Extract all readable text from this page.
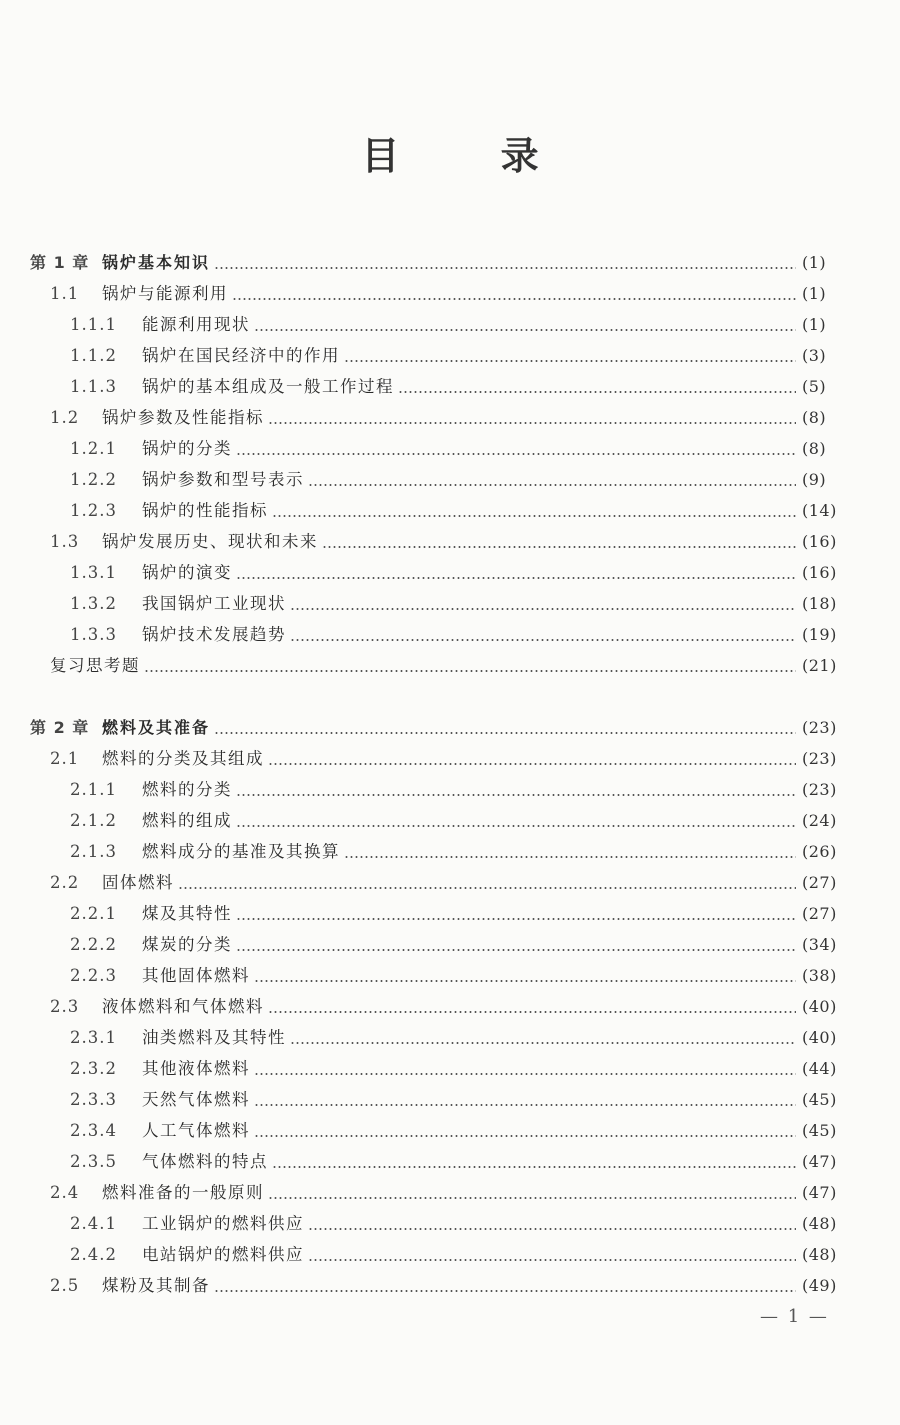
目 录
第 1 章 锅炉基本知识	(1)
1.1	锅炉与能源利用	(1)
1.1.1	能源利用现状	(1)
1.1.2	锅炉在国民经济中的作用	(3)
1.1.3	锅炉的基本组成及一般工作过程	(5)
1.2	锅炉参数及性能指标	(8)
1.2.1	锅炉的分类	(8)
1.2.2	锅炉参数和型号表示	(9)
1.2.3	锅炉的性能指标	(14)
1.3	锅炉发展历史、现状和未来	(16)
1.3.1	锅炉的演变	(16)
1.3.2	我国锅炉工业现状	(18)
1.3.3	锅炉技术发展趋势	(19)
复习思考题	(21)
第 2 章 燃料及其准备	(23)
2.1	燃料的分类及其组成	(23)
2.1.1	燃料的分类	(23)
2.1.2	燃料的组成	(24)
2.1.3	燃料成分的基准及其换算	(26)
2.2	固体燃料	(27)
2.2.1	煤及其特性	(27)
2.2.2	煤炭的分类	(34)
2.2.3	其他固体燃料	(38)
2.3	液体燃料和气体燃料	(40)
2.3.1	油类燃料及其特性	(40)
2.3.2	其他液体燃料	(44)
2.3.3	天然气体燃料	(45)
2.3.4	人工气体燃料	(45)
2.3.5	气体燃料的特点	(47)
2.4	燃料准备的一般原则	(47)
2.4.1	工业锅炉的燃料供应	(48)
2.4.2	电站锅炉的燃料供应	(48)
2.5	煤粉及其制备	(49)
— 1 —
